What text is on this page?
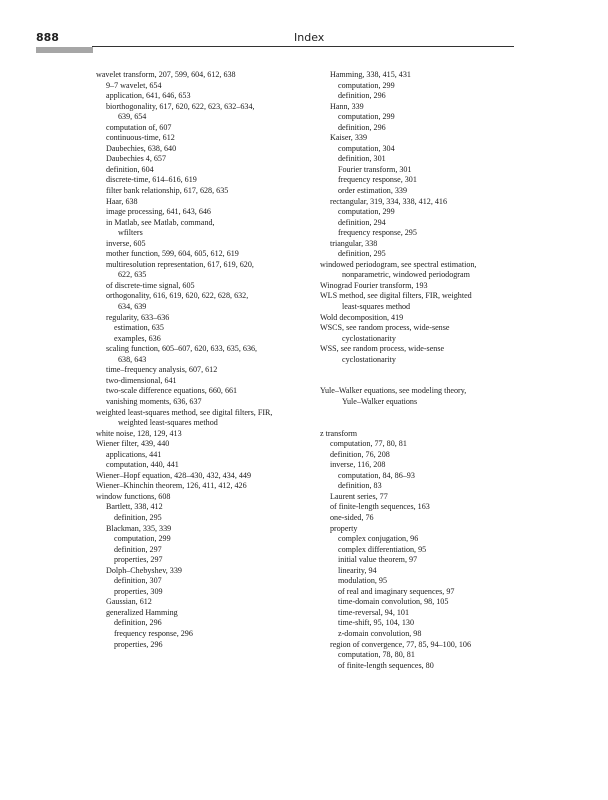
888	Index
wavelet transform, 207, 599, 604, 612, 638
9–7 wavelet, 654
application, 641, 646, 653
biorthogonality, 617, 620, 622, 623, 632–634,
639, 654
computation of, 607
continuous-time, 612
Daubechies, 638, 640
Daubechies 4, 657
definition, 604
discrete-time, 614–616, 619
filter bank relationship, 617, 628, 635
Haar, 638
image processing, 641, 643, 646
in Matlab, see Matlab, command,
wfilters
inverse, 605
mother function, 599, 604, 605, 612, 619
multiresolution representation, 617, 619, 620,
622, 635
of discrete-time signal, 605
orthogonality, 616, 619, 620, 622, 628, 632,
634, 639
regularity, 633–636
estimation, 635
examples, 636
scaling function, 605–607, 620, 633, 635, 636,
638, 643
time–frequency analysis, 607, 612
two-dimensional, 641
two-scale difference equations, 660, 661
vanishing moments, 636, 637
weighted least-squares method, see digital filters, FIR,
weighted least-squares method
white noise, 128, 129, 413
Wiener filter, 439, 440
applications, 441
computation, 440, 441
Wiener–Hopf equation, 428–430, 432, 434, 449
Wiener–Khinchin theorem, 126, 411, 412, 426
window functions, 608
Bartlett, 338, 412
definition, 295
Blackman, 335, 339
computation, 299
definition, 297
properties, 297
Dolph–Chebyshev, 339
definition, 307
properties, 309
Gaussian, 612
generalized Hamming
definition, 296
frequency response, 296
properties, 296
Hamming, 338, 415, 431
computation, 299
definition, 296
Hann, 339
computation, 299
definition, 296
Kaiser, 339
computation, 304
definition, 301
Fourier transform, 301
frequency response, 301
order estimation, 339
rectangular, 319, 334, 338, 412, 416
computation, 299
definition, 294
frequency response, 295
triangular, 338
definition, 295
windowed periodogram, see spectral estimation,
nonparametric, windowed periodogram
Winograd Fourier transform, 193
WLS method, see digital filters, FIR, weighted
least-squares method
Wold decomposition, 419
WSCS, see random process, wide-sense
cyclostationarity
WSS, see random process, wide-sense
cyclostationarity
Yule–Walker equations, see modeling theory,
Yule–Walker equations
z transform
computation, 77, 80, 81
definition, 76, 208
inverse, 116, 208
computation, 84, 86–93
definition, 83
Laurent series, 77
of finite-length sequences, 163
one-sided, 76
property
complex conjugation, 96
complex differentiation, 95
initial value theorem, 97
linearity, 94
modulation, 95
of real and imaginary sequences, 97
time-domain convolution, 98, 105
time-reversal, 94, 101
time-shift, 95, 104, 130
z-domain convolution, 98
region of convergence, 77, 85, 94–100, 106
computation, 78, 80, 81
of finite-length sequences, 80
